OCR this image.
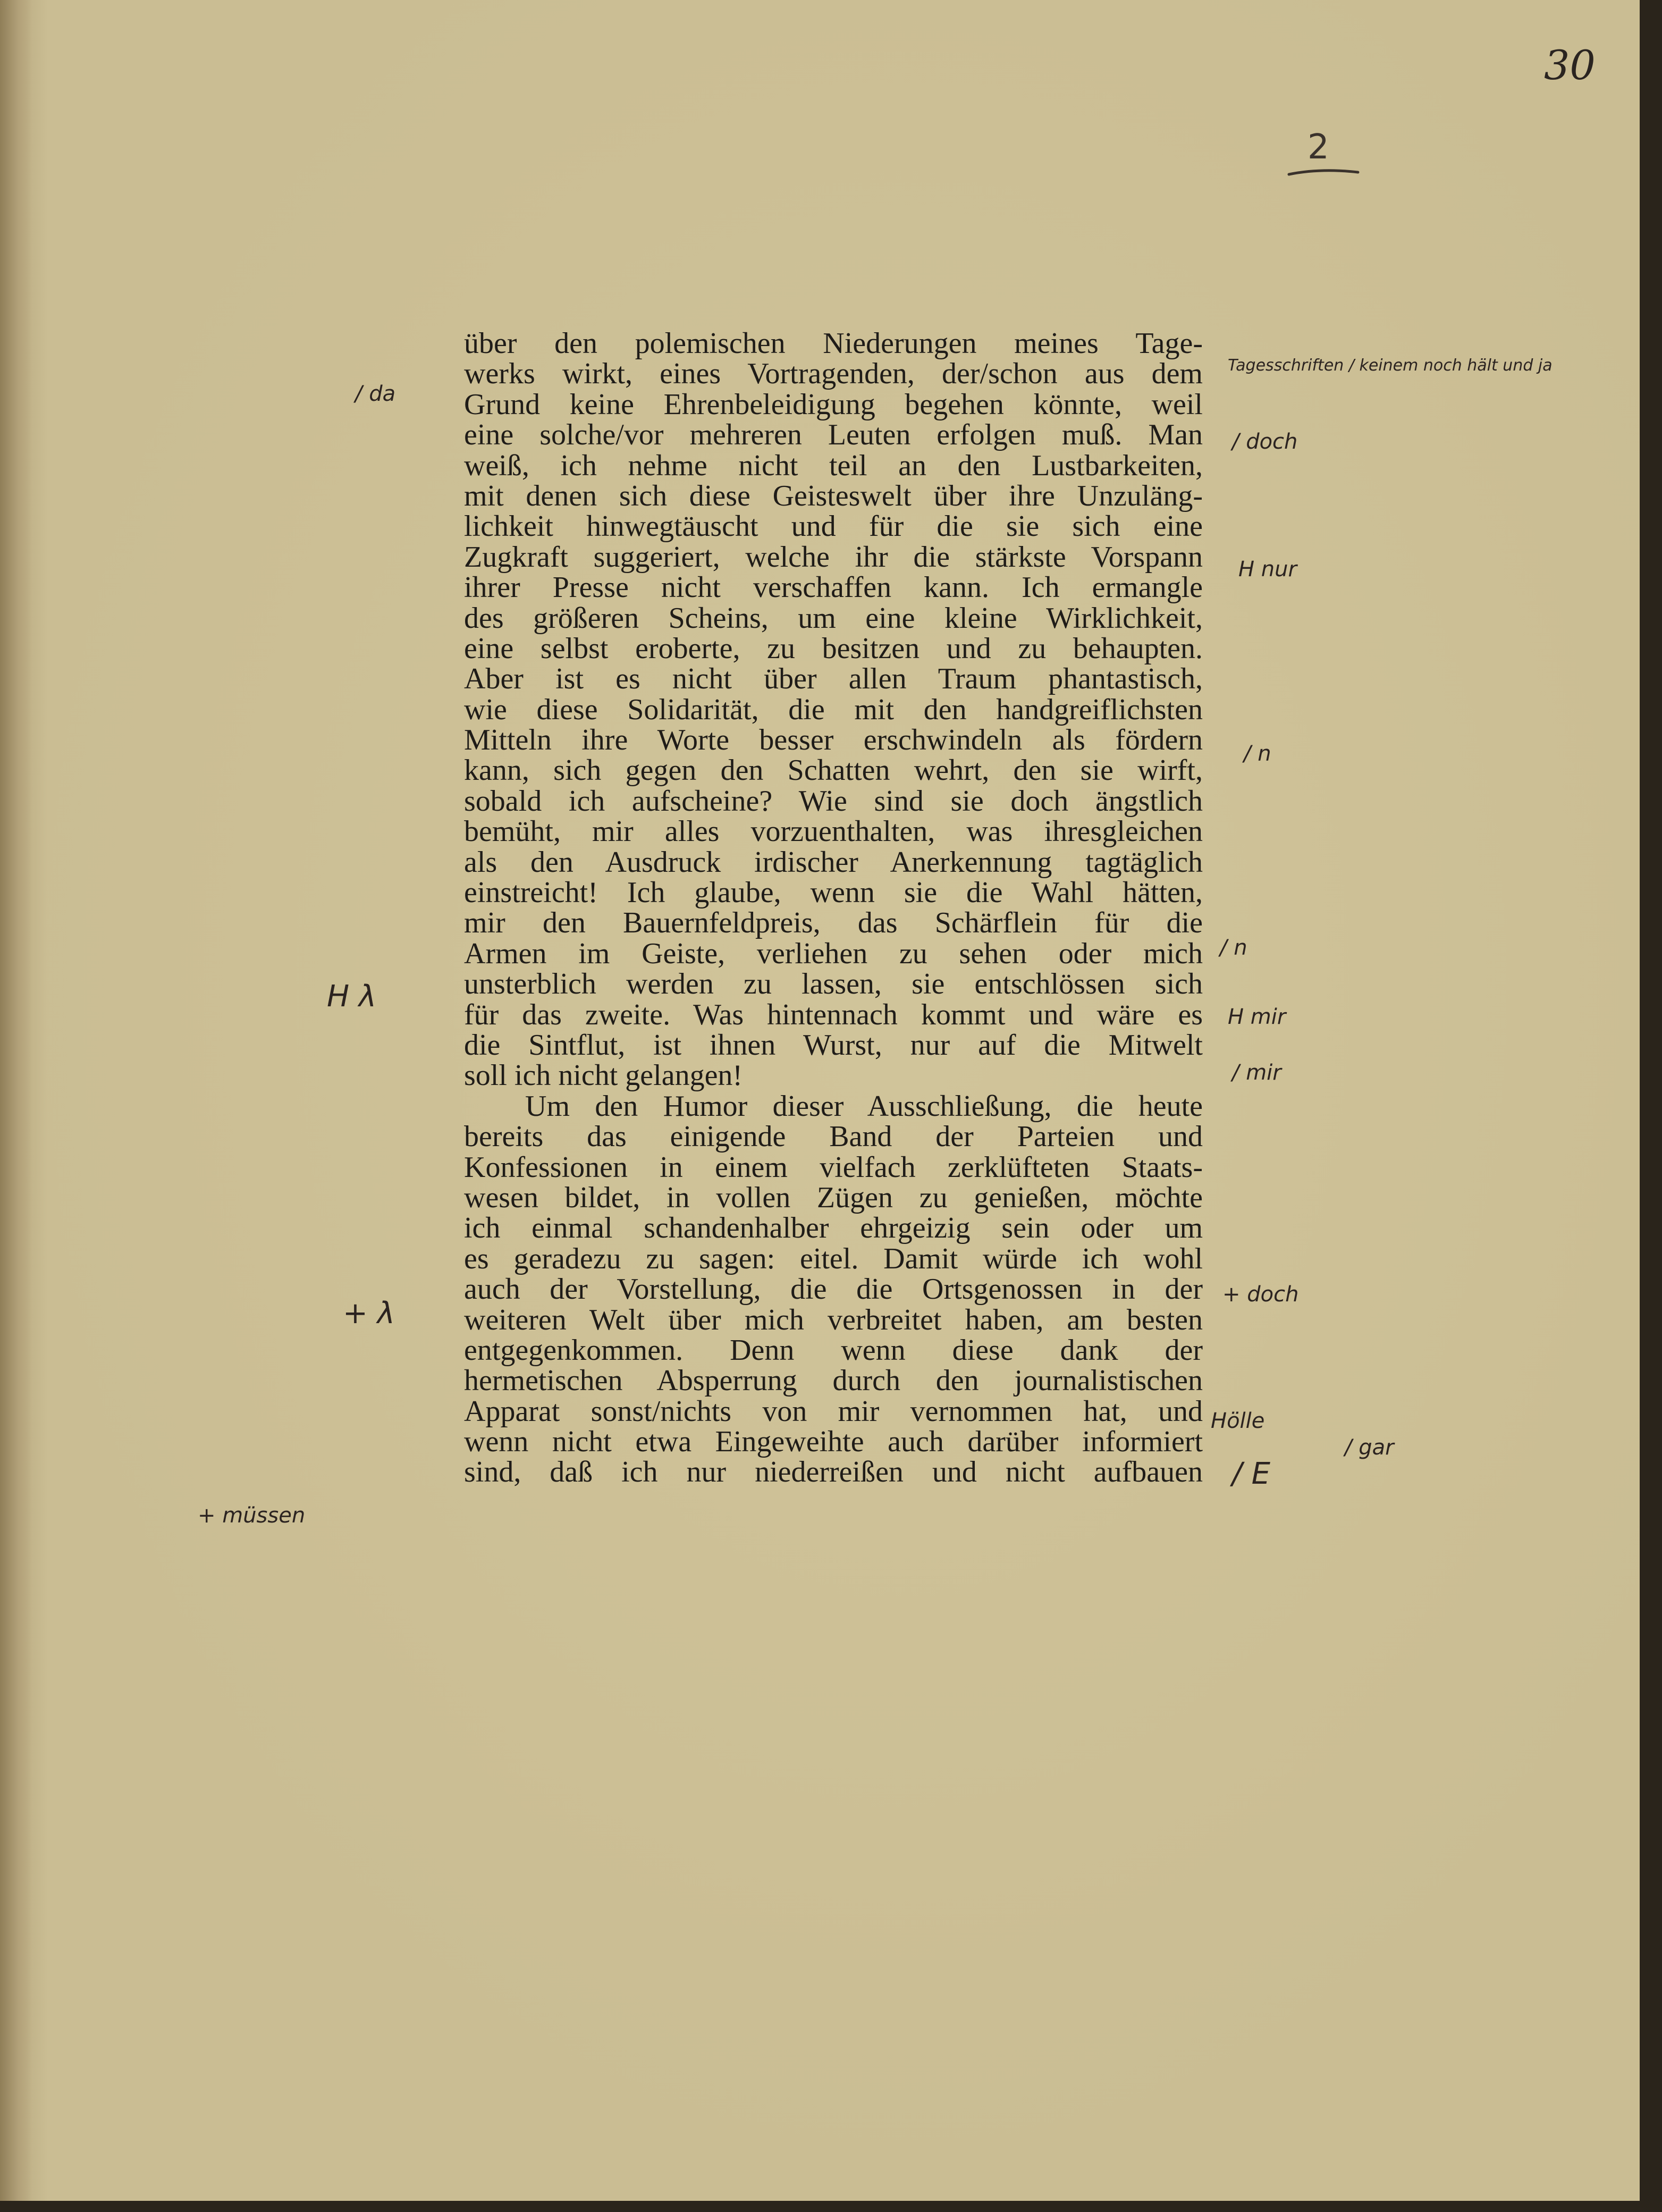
30
2
über den polemischen Niederungen meines Tage-
werks wirkt, eines Vortragenden, der/schon aus dem
Grund keine Ehrenbeleidigung begehen könnte, weil
eine solche/vor mehreren Leuten erfolgen muß. Man
weiß, ich nehme nicht teil an den Lustbarkeiten,
mit denen sich diese Geisteswelt über ihre Unzuläng-
lichkeit hinwegtäuscht und für die sie sich eine
Zugkraft suggeriert, welche ihr die stärkste Vorspann
ihrer Presse nicht verschaffen kann. Ich ermangle
des größeren Scheins, um eine kleine Wirklichkeit,
eine selbst eroberte, zu besitzen und zu behaupten.
Aber ist es nicht über allen Traum phantastisch,
wie diese Solidarität, die mit den handgreiflichsten
Mitteln ihre Worte besser erschwindeln als fördern
kann, sich gegen den Schatten wehrt, den sie wirft,
sobald ich aufscheine? Wie sind sie doch ängstlich
bemüht, mir alles vorzuenthalten, was ihresgleichen
als den Ausdruck irdischer Anerkennung tagtäglich
einstreicht! Ich glaube, wenn sie die Wahl hätten,
mir den Bauernfeldpreis, das Schärflein für die
Armen im Geiste, verliehen zu sehen oder mich
unsterblich werden zu lassen, sie entschlössen sich
für das zweite. Was hintennach kommt und wäre es
die Sintflut, ist ihnen Wurst, nur auf die Mitwelt
soll ich nicht gelangen!
Um den Humor dieser Ausschließung, die heute
bereits das einigende Band der Parteien und
Konfessionen in einem vielfach zerklüfteten Staats-
wesen bildet, in vollen Zügen zu genießen, möchte
ich einmal schandenhalber ehrgeizig sein oder um
es geradezu zu sagen: eitel. Damit würde ich wohl
auch der Vorstellung, die die Ortsgenossen in der
weiteren Welt über mich verbreitet haben, am besten
entgegenkommen. Denn wenn diese dank der
hermetischen Absperrung durch den journalistischen
Apparat sonst/nichts von mir vernommen hat, und
wenn nicht etwa Eingeweihte auch darüber informiert
sind, daß ich nur niederreißen und nicht aufbauen
Tagesschriften / keinem noch hält und ja
/ doch
H nur
/ n
/ n
H mir
/ mir
+ doch
Hölle
/ E
/ gar
/ da
H λ
+ λ
+ müssen
